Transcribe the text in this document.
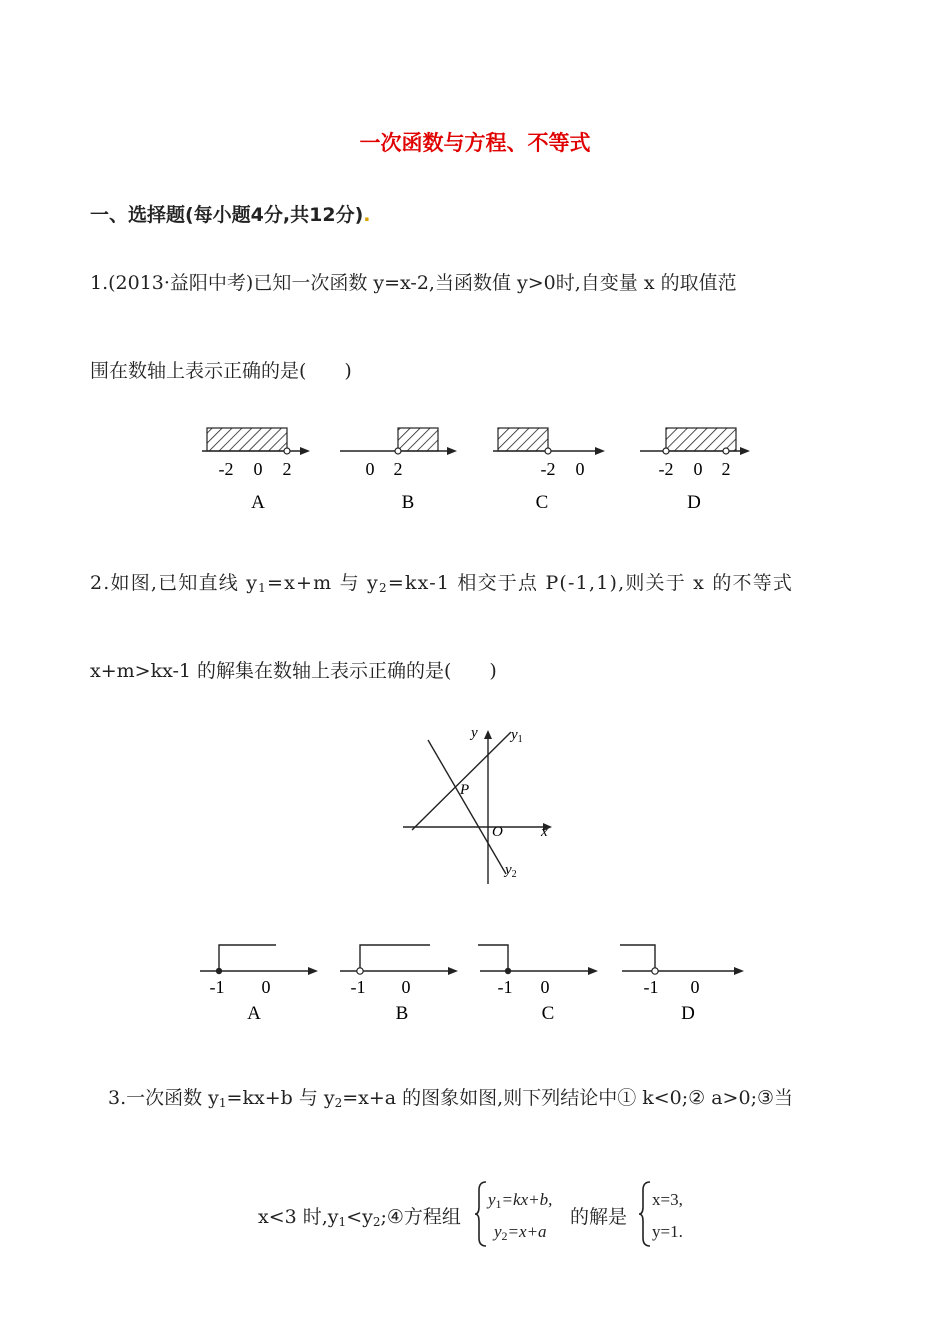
一次函数与方程、不等式
一、选择题(每小题4分,共12分).
1.(2013·益阳中考)已知一次函数 y=x-2,当函数值 y>0时,自变量 x 的取值范
围在数轴上表示正确的是(　　)
-2 0 2
A
0 2
B
-2 0
C
-2 0 2
D
2.如图,已知直线 $y_1=x+m$ 与 $y_2=kx-1$ 相交于点 P(-1,1),则关于 x 的不等式
x+m>kx-1 的解集在数轴上表示正确的是(　　)
y $y_1$
P
O	x
$y_2$
-1 0
A
-1 0
B
-1 0
C
-1 0
D
3.一次函数 $y_1=kx+b$ 与 $y_2=x+a$ 的图象如图,则下列结论中① k<0;② a>0;③当
x<3 时$,y_1<y_2;④$方程组
$y_1=kx+b$,
$y_2=x+a$
的解是
x=3,
y=1.
